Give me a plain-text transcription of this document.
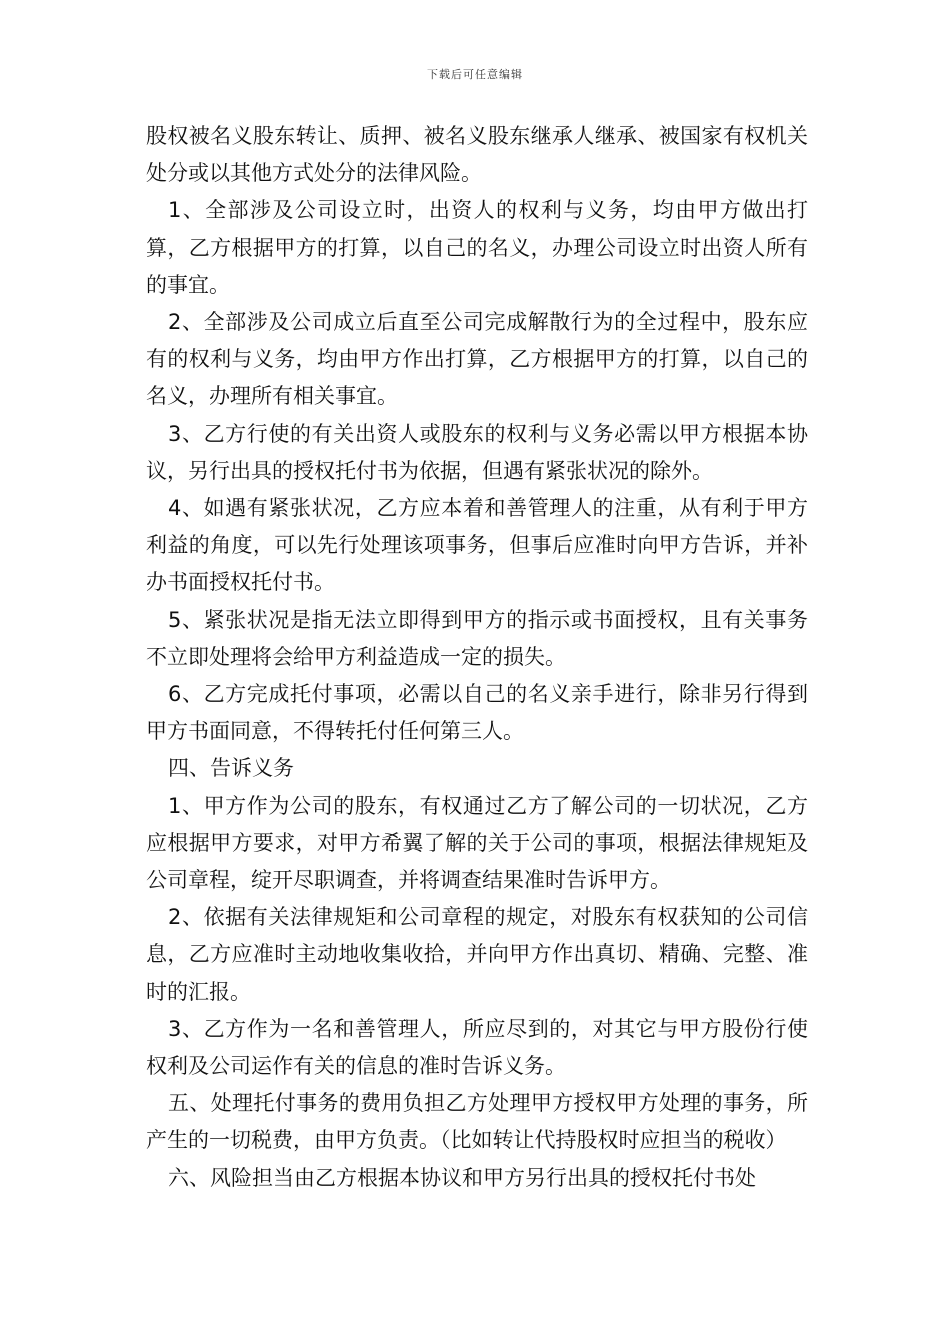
下载后可任意编辑

股权被名义股东转让、质押、被名义股东继承人继承、被国家有权机关处分或以其他方式处分的法律风险。

1、全部涉及公司设立时，出资人的权利与义务，均由甲方做出打算，乙方根据甲方的打算，以自己的名义，办理公司设立时出资人所有的事宜。

2、全部涉及公司成立后直至公司完成解散行为的全过程中，股东应有的权利与义务，均由甲方作出打算，乙方根据甲方的打算，以自己的名义，办理所有相关事宜。

3、乙方行使的有关出资人或股东的权利与义务必需以甲方根据本协议，另行出具的授权托付书为依据，但遇有紧张状况的除外。

4、如遇有紧张状况，乙方应本着和善管理人的注重，从有利于甲方利益的角度，可以先行处理该项事务，但事后应准时向甲方告诉，并补办书面授权托付书。

5、紧张状况是指无法立即得到甲方的指示或书面授权，且有关事务不立即处理将会给甲方利益造成一定的损失。

6、乙方完成托付事项，必需以自己的名义亲手进行，除非另行得到甲方书面同意，不得转托付任何第三人。

四、告诉义务

1、甲方作为公司的股东，有权通过乙方了解公司的一切状况，乙方应根据甲方要求，对甲方希翼了解的关于公司的事项，根据法律规矩及公司章程，绽开尽职调查，并将调查结果准时告诉甲方。

2、依据有关法律规矩和公司章程的规定，对股东有权获知的公司信息，乙方应准时主动地收集收拾，并向甲方作出真切、精确、完整、准时的汇报。

3、乙方作为一名和善管理人，所应尽到的，对其它与甲方股份行使权利及公司运作有关的信息的准时告诉义务。

五、处理托付事务的费用负担乙方处理甲方授权甲方处理的事务，所产生的一切税费，由甲方负责。（比如转让代持股权时应担当的税收）

六、风险担当由乙方根据本协议和甲方另行出具的授权托付书处
